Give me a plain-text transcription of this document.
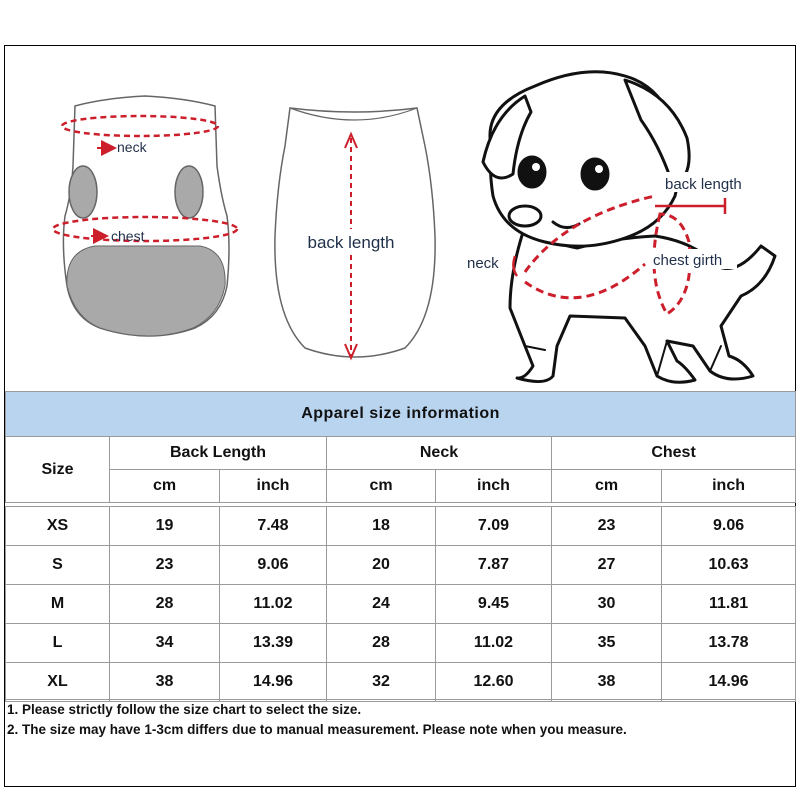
neck
chest	back length
back length
chest girth
neck
Apparel size information						
Size	Back Length		Neck		Chest	
	cm	inch	cm	inch	cm	inch

XS	19	7.48	18	7.09	23	9.06
S	23	9.06	20	7.87	27	10.63
M	28	11.02	24	9.45	30	11.81
L	34	13.39	28	11.02	35	13.78
XL	38	14.96	32	12.60	38	14.96
1. Please strictly follow the size chart to select the size.
2. The size may have 1-3cm differs due to manual measurement. Please note when you measure.
